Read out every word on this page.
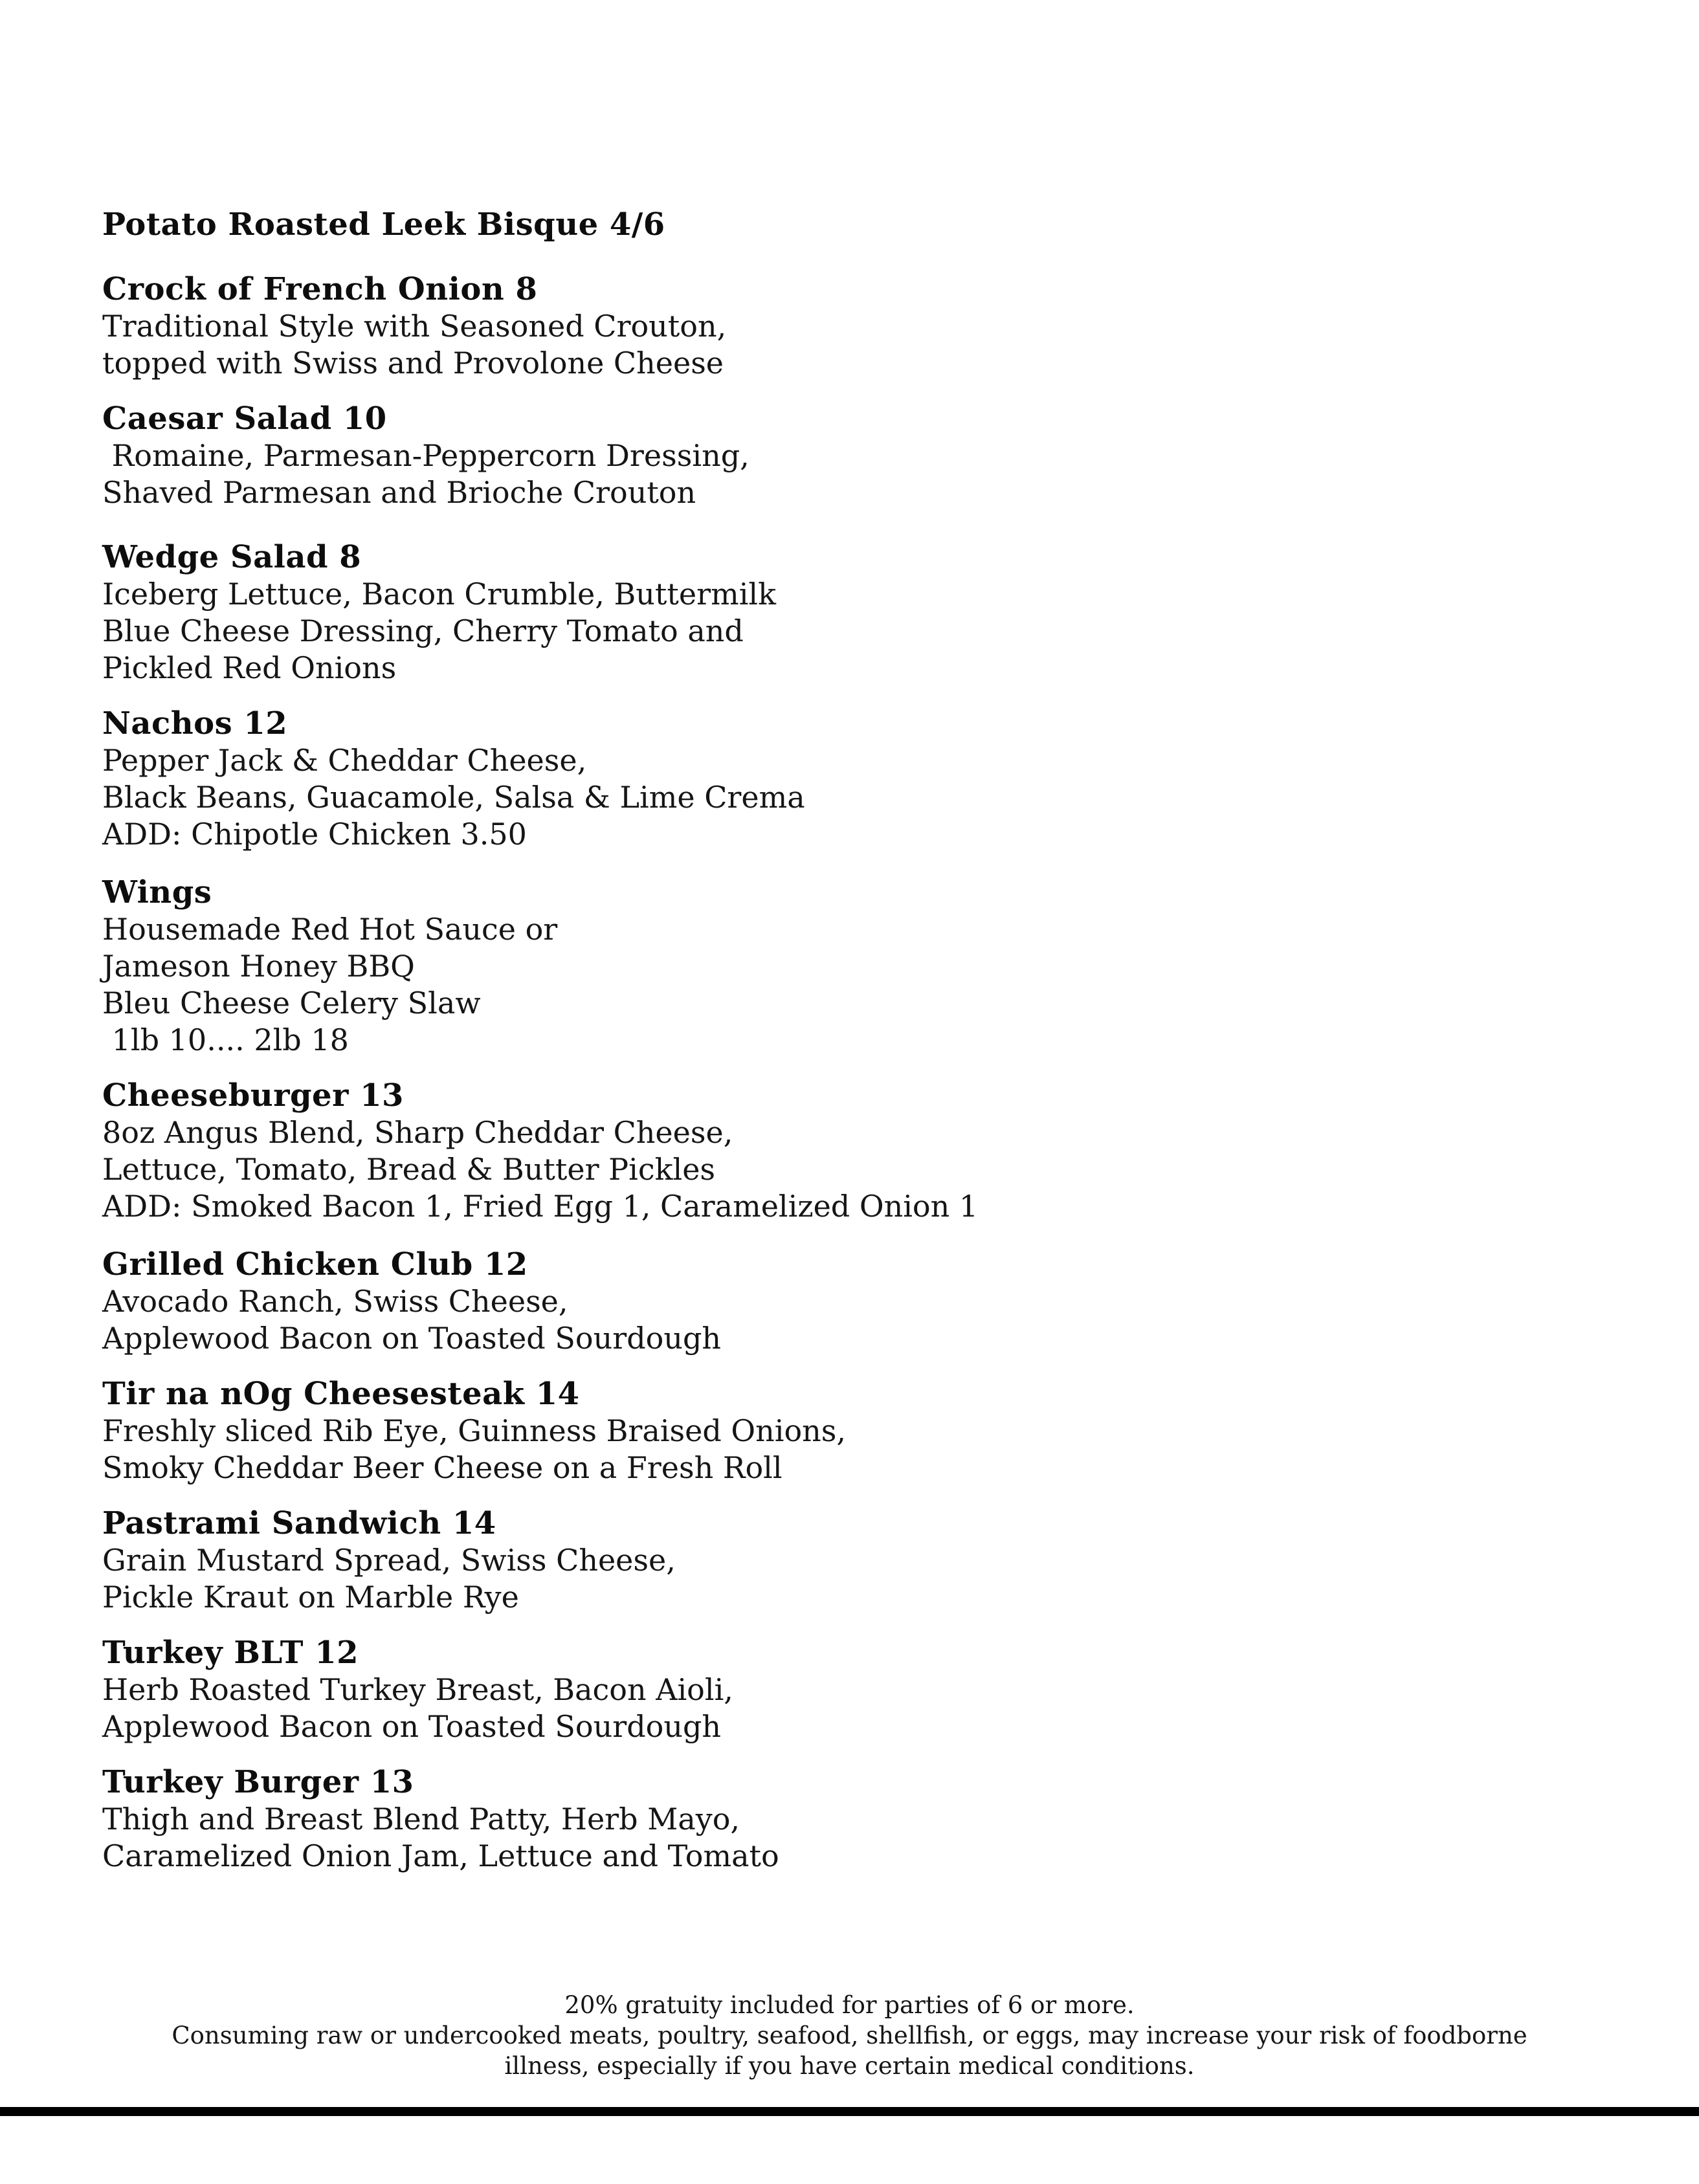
Potato Roasted Leek Bisque 4/6
Crock of French Onion 8
Traditional Style with Seasoned Crouton,
topped with Swiss and Provolone Cheese
Caesar Salad 10
Romaine, Parmesan-Peppercorn Dressing,
Shaved Parmesan and Brioche Crouton
Wedge Salad 8
Iceberg Lettuce, Bacon Crumble, Buttermilk
Blue Cheese Dressing, Cherry Tomato and
Pickled Red Onions
Nachos 12
Pepper Jack & Cheddar Cheese,
Black Beans, Guacamole, Salsa & Lime Crema
ADD: Chipotle Chicken 3.50
Wings
Housemade Red Hot Sauce or
Jameson Honey BBQ
Bleu Cheese Celery Slaw
1lb 10.... 2lb 18
Cheeseburger 13
8oz Angus Blend, Sharp Cheddar Cheese,
Lettuce, Tomato, Bread & Butter Pickles
ADD: Smoked Bacon 1, Fried Egg 1, Caramelized Onion 1
Grilled Chicken Club 12
Avocado Ranch, Swiss Cheese,
Applewood Bacon on Toasted Sourdough
Tir na nOg Cheesesteak 14
Freshly sliced Rib Eye, Guinness Braised Onions,
Smoky Cheddar Beer Cheese on a Fresh Roll
Pastrami Sandwich 14
Grain Mustard Spread, Swiss Cheese,
Pickle Kraut on Marble Rye
Turkey BLT 12
Herb Roasted Turkey Breast, Bacon Aioli,
Applewood Bacon on Toasted Sourdough
Turkey Burger 13
Thigh and Breast Blend Patty, Herb Mayo,
Caramelized Onion Jam, Lettuce and Tomato
20% gratuity included for parties of 6 or more.
Consuming raw or undercooked meats, poultry, seafood, shellfish, or eggs, may increase your risk of foodborne
illness, especially if you have certain medical conditions.
